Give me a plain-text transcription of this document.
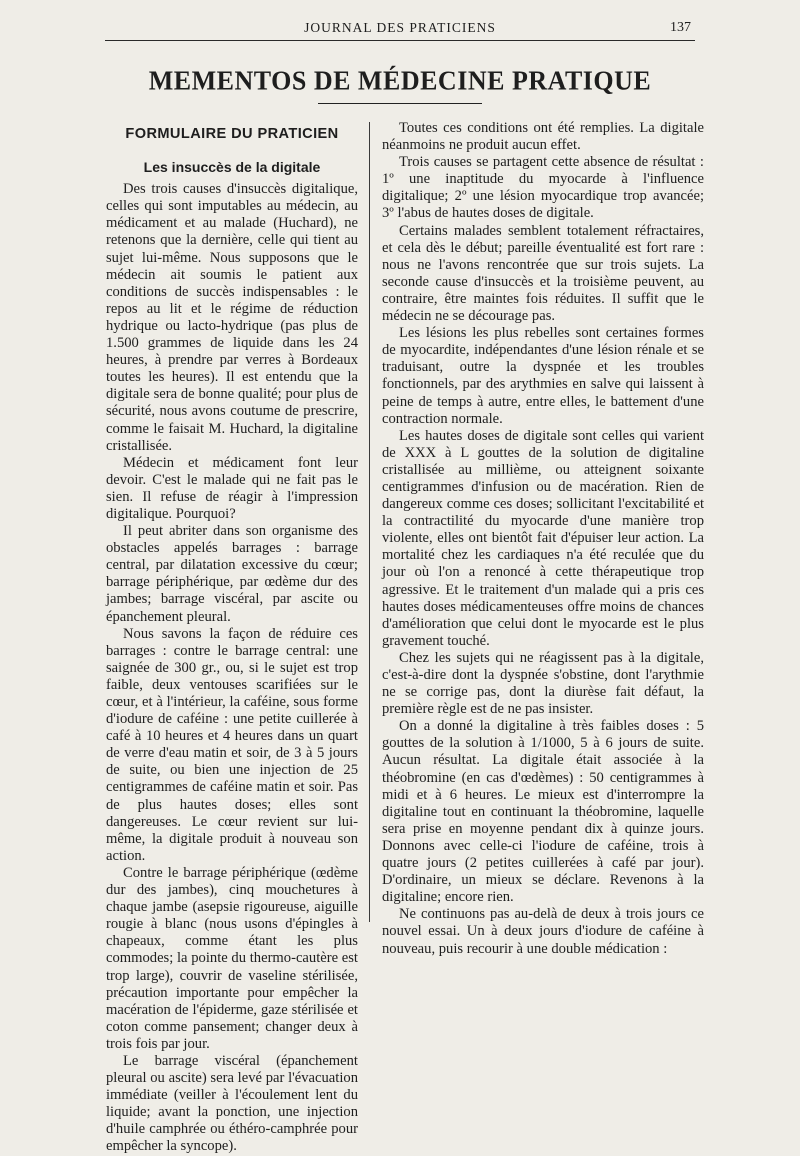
JOURNAL DES PRATICIENS	137
MEMENTOS DE MÉDECINE PRATIQUE
FORMULAIRE DU PRATICIEN
Les insuccès de la digitale

Des trois causes d'insuccès digitalique, celles qui sont imputables au médecin, au médicament et au malade (Huchard), ne retenons que la dernière, celle qui tient au sujet lui-même. Nous supposons que le médecin ait soumis le patient aux conditions de succès indispensables : le repos au lit et le régime de réduction hydrique ou lacto-hydrique (pas plus de 1.500 grammes de liquide dans les 24 heures, à prendre par verres à Bordeaux toutes les heures). Il est entendu que la digitale sera de bonne qualité; pour plus de sécurité, nous avons coutume de prescrire, comme le faisait M. Huchard, la digitaline cristallisée.

Médecin et médicament font leur devoir. C'est le malade qui ne fait pas le sien. Il refuse de réagir à l'impression digitalique. Pourquoi?

Il peut abriter dans son organisme des obstacles appelés barrages : barrage central, par dilatation excessive du cœur; barrage périphérique, par œdème dur des jambes; barrage viscéral, par ascite ou épanchement pleural.

Nous savons la façon de réduire ces barrages : contre le barrage central: une saignée de 300 gr., ou, si le sujet est trop faible, deux ventouses scarifiées sur le cœur, et à l'intérieur, la caféine, sous forme d'iodure de caféine : une petite cuillerée à café à 10 heures et 4 heures dans un quart de verre d'eau matin et soir, de 3 à 5 jours de suite, ou bien une injection de 25 centigrammes de caféine matin et soir. Pas de plus hautes doses; elles sont dangereuses. Le cœur revient sur lui-même, la digitale produit à nouveau son action.

Contre le barrage périphérique (œdème dur des jambes), cinq mouchetures à chaque jambe (asepsie rigoureuse, aiguille rougie à blanc (nous usons d'épingles à chapeaux, comme étant les plus commodes; la pointe du thermo-cautère est trop large), couvrir de vaseline stérilisée, précaution importante pour empêcher la macération de l'épiderme, gaze stérilisée et coton comme pansement; changer deux à trois fois par jour.

Le barrage viscéral (épanchement pleural ou ascite) sera levé par l'évacuation immédiate (veiller à l'écoulement lent du liquide; avant la ponction, une injection d'huile camphrée ou éthéro-camphrée pour empêcher la syncope).

Toutes ces conditions ont été remplies. La digitale néanmoins ne produit aucun effet.

Trois causes se partagent cette absence de résultat : 1º une inaptitude du myocarde à l'influence digitalique; 2º une lésion myocardique trop avancée; 3º l'abus de hautes doses de digitale.

Certains malades semblent totalement réfractaires, et cela dès le début; pareille éventualité est fort rare : nous ne l'avons rencontrée que sur trois sujets. La seconde cause d'insuccès et la troisième peuvent, au contraire, être maintes fois réduites. Il suffit que le médecin ne se décourage pas.

Les lésions les plus rebelles sont certaines formes de myocardite, indépendantes d'une lésion rénale et se traduisant, outre la dyspnée et les troubles fonctionnels, par des arythmies en salve qui laissent à peine de temps à autre, entre elles, le battement d'une contraction normale.

Les hautes doses de digitale sont celles qui varient de XXX à L gouttes de la solution de digitaline cristallisée au millième, ou atteignent soixante centigrammes d'infusion ou de macération. Rien de dangereux comme ces doses; sollicitant l'excitabilité et la contractilité du myocarde d'une manière trop violente, elles ont bientôt fait d'épuiser leur action. La mortalité chez les cardiaques n'a été reculée que du jour où l'on a renoncé à cette thérapeutique trop agressive. Et le traitement d'un malade qui a pris ces hautes doses médicamenteuses offre moins de chances d'amélioration que celui dont le myocarde est le plus gravement touché.

Chez les sujets qui ne réagissent pas à la digitale, c'est-à-dire dont la dyspnée s'obstine, dont l'arythmie ne se corrige pas, dont la diurèse fait défaut, la première règle est de ne pas insister.

On a donné la digitaline à très faibles doses : 5 gouttes de la solution à 1/1000, 5 à 6 jours de suite. Aucun résultat. La digitale était associée à la théobromine (en cas d'œdèmes) : 50 centigrammes à midi et à 6 heures. Le mieux est d'interrompre la digitaline tout en continuant la théobromine, laquelle sera prise en moyenne pendant dix à quinze jours. Donnons avec celle-ci l'iodure de caféine, trois à quatre jours (2 petites cuillerées à café par jour). D'ordinaire, un mieux se déclare. Revenons à la digitaline; encore rien.

Ne continuons pas au-delà de deux à trois jours ce nouvel essai. Un à deux jours d'iodure de caféine à nouveau, puis recourir à une double médication :
